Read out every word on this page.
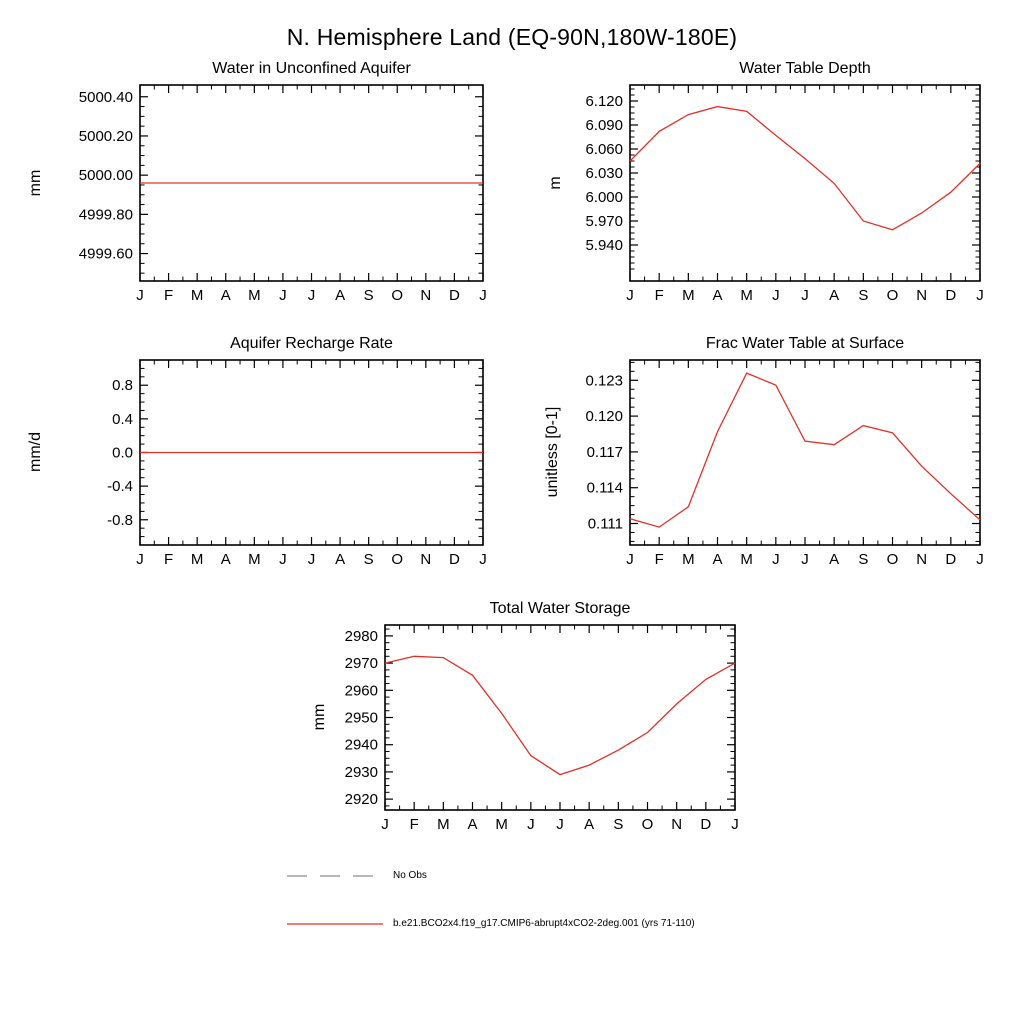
N. Hemisphere Land (EQ-90N,180W-180E)
Water in Unconfined Aquifer	Water Table Depth
Aquifer Recharge Rate	Frac Water Table at Surface
Total Water Storage
mm	m
mm/d	unitless [0-1]
mm
J F M A M J J A S O N D J
4999.60
4999.80
5000.00
5000.20
5000.40
J F M A M J J A S O N D J
5.940
5.970
6.000
6.030
6.060
6.090
6.120
J F M A M J J A S O N D J
-0.8
-0.4
0.0
0.4
0.8
J F M A M J J A S O N D J
0.111
0.114
0.117
0.120
0.123
J F M A M J J A S O N D J
2920
2930
2940
2950
2960
2970
2980
No Obs
b.e21.BCO2x4.f19_g17.CMIP6-abrupt4xCO2-2deg.001 (yrs 71-110)
